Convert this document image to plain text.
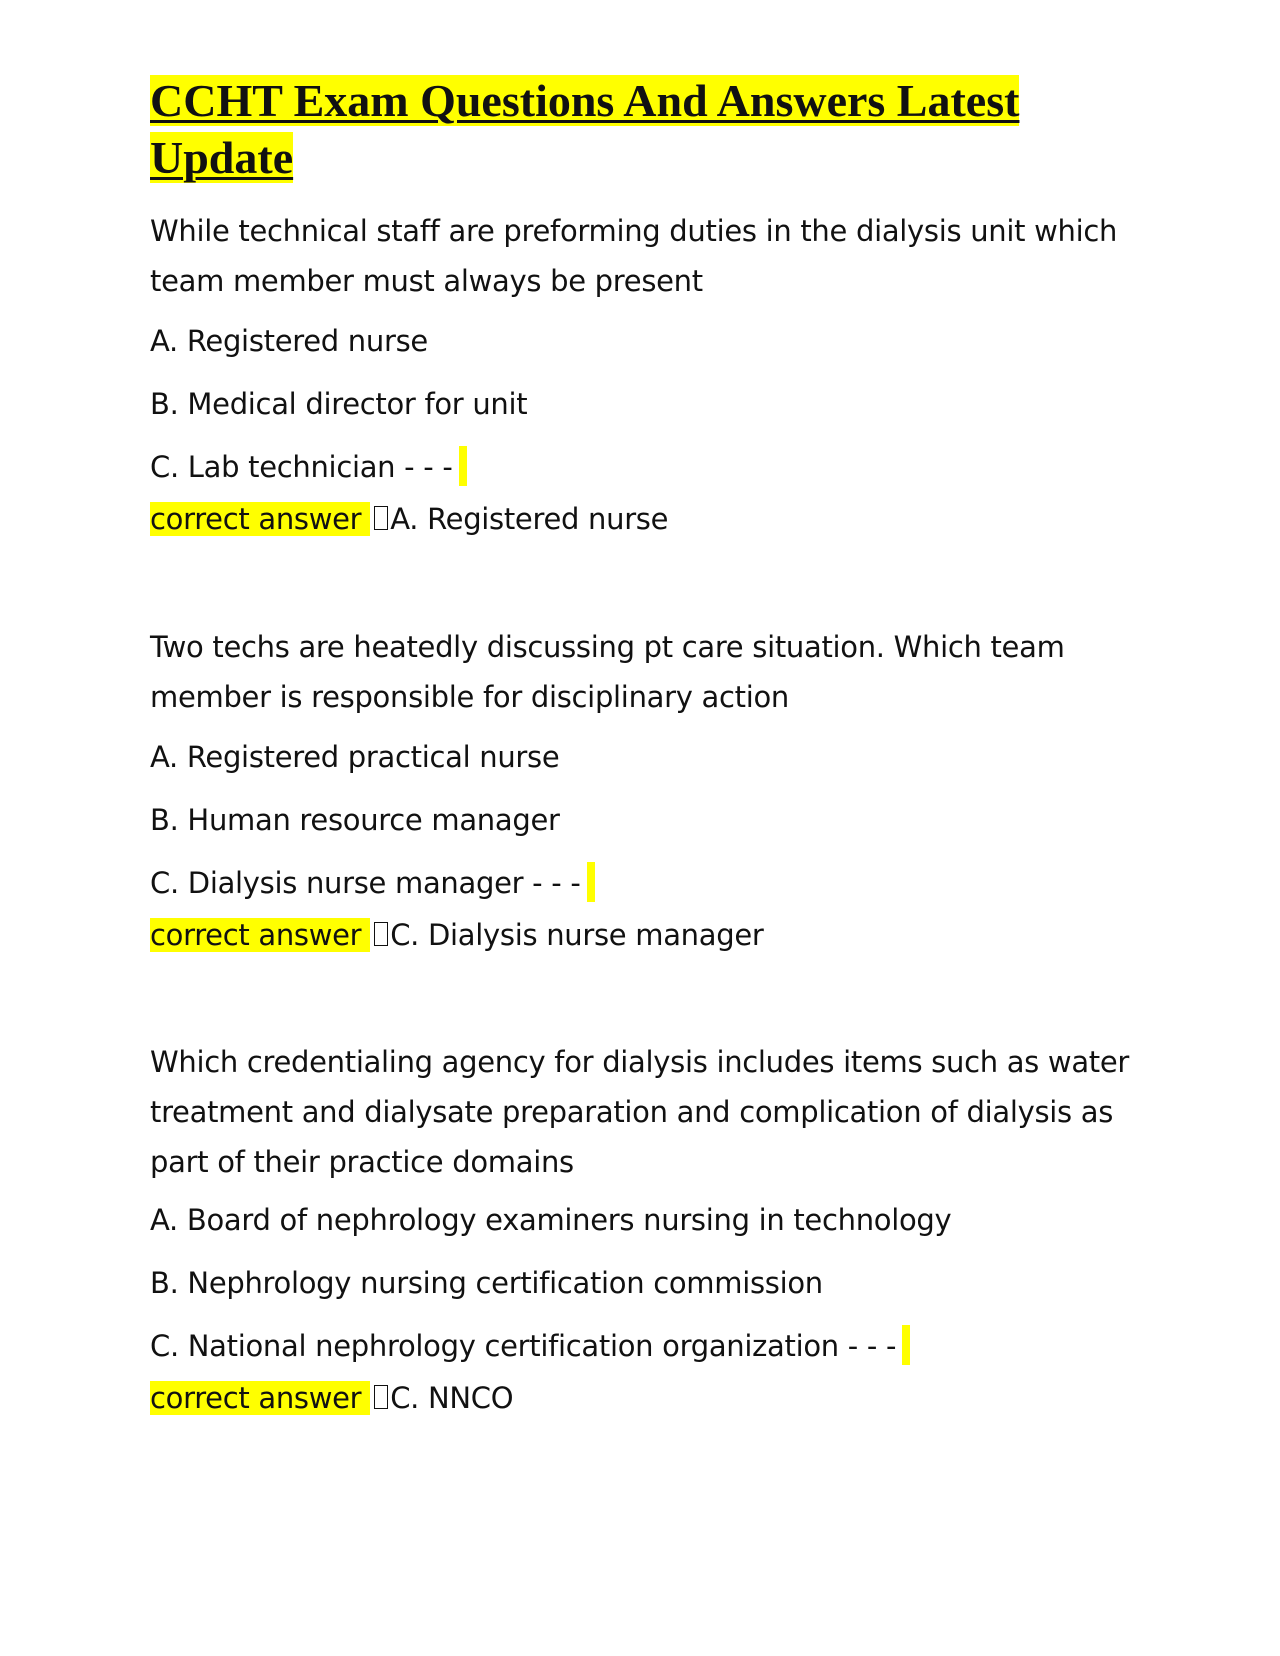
CCHT Exam Questions And Answers Latest Update

While technical staff are preforming duties in the dialysis unit which team member must always be present

A. Registered nurse

B. Medical director for unit

C. Lab technician - - -

correct answer A. Registered nurse

Two techs are heatedly discussing pt care situation. Which team member is responsible for disciplinary action

A. Registered practical nurse

B. Human resource manager

C. Dialysis nurse manager - - -

correct answer C. Dialysis nurse manager

Which credentialing agency for dialysis includes items such as water treatment and dialysate preparation and complication of dialysis as part of their practice domains

A. Board of nephrology examiners nursing in technology

B. Nephrology nursing certification commission

C. National nephrology certification organization - - -

correct answer C. NNCO
